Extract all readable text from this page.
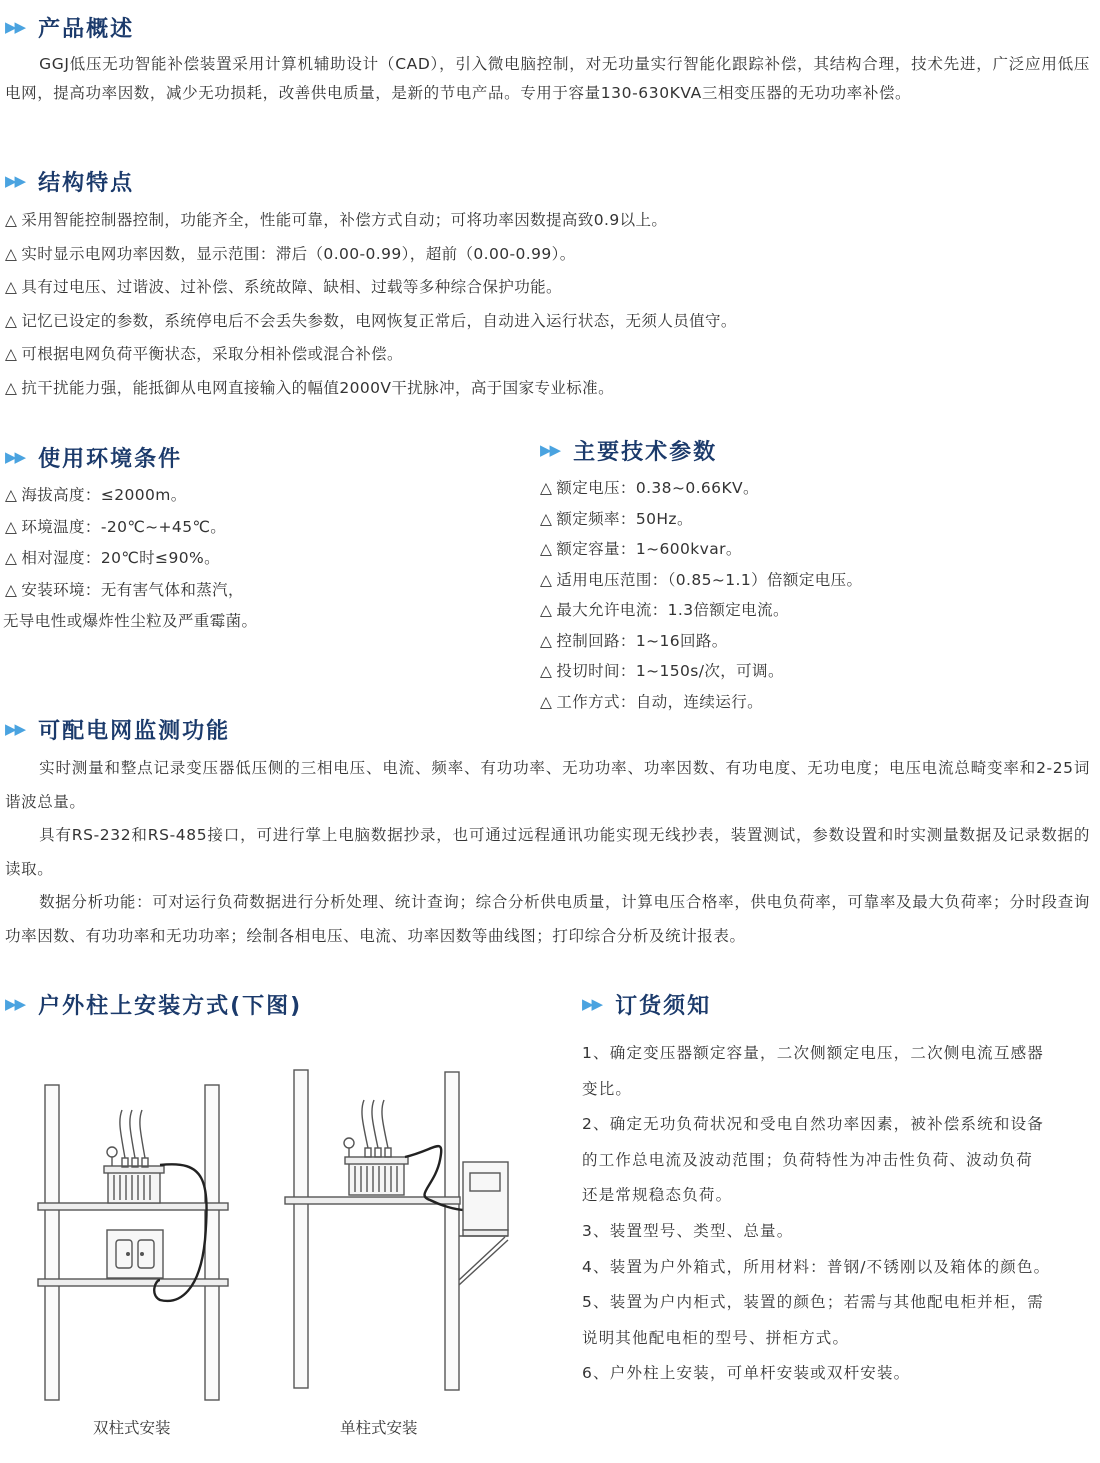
▶▶ 产品概述

GGJ低压无功智能补偿装置采用计算机辅助设计（CAD），引入微电脑控制，对无功量实行智能化跟踪补偿，其结构合理，技术先进，广泛应用低压电网，提高功率因数，减少无功损耗，改善供电质量，是新的节电产品。专用于容量130-630KVA三相变压器的无功功率补偿。

▶▶ 结构特点
△ 采用智能控制器控制，功能齐全，性能可靠，补偿方式自动；可将功率因数提高致0.9以上。
△ 实时显示电网功率因数，显示范围：滞后（0.00-0.99），超前（0.00-0.99）。
△ 具有过电压、过谐波、过补偿、系统故障、缺相、过载等多种综合保护功能。
△ 记忆已设定的参数，系统停电后不会丢失参数，电网恢复正常后，自动进入运行状态，无须人员值守。
△ 可根据电网负荷平衡状态，采取分相补偿或混合补偿。
△ 抗干扰能力强，能抵御从电网直接输入的幅值2000V干扰脉冲，高于国家专业标准。
▶▶ 使用环境条件
△ 海拔高度：≤2000m。
△ 环境温度：-20℃~+45℃。
△ 相对湿度：20℃时≤90%。
△ 安装环境：无有害气体和蒸汽，
无导电性或爆炸性尘粒及严重霉菌。
▶▶ 主要技术参数
△ 额定电压：0.38~0.66KV。
△ 额定频率：50Hz。
△ 额定容量：1~600kvar。
△ 适用电压范围：（0.85~1.1）倍额定电压。
△ 最大允许电流：1.3倍额定电流。
△ 控制回路：1~16回路。
△ 投切时间：1~150s/次，可调。
△ 工作方式：自动，连续运行。
▶▶ 可配电网监测功能

实时测量和整点记录变压器低压侧的三相电压、电流、频率、有功功率、无功功率、功率因数、有功电度、无功电度；电压电流总畸变率和2-25词谐波总量。

具有RS-232和RS-485接口，可进行掌上电脑数据抄录，也可通过远程通讯功能实现无线抄表，装置测试，参数设置和时实测量数据及记录数据的读取。

数据分析功能：可对运行负荷数据进行分析处理、统计查询；综合分析供电质量，计算电压合格率，供电负荷率，可靠率及最大负荷率；分时段查询功率因数、有功功率和无功功率；绘制各相电压、电流、功率因数等曲线图；打印综合分析及统计报表。

▶▶ 户外柱上安装方式(下图)
双柱式安装	单柱式安装
▶▶ 订货须知
1、确定变压器额定容量，二次侧额定电压，二次侧电流互感器
变比。
2、确定无功负荷状况和受电自然功率因素，被补偿系统和设备
的工作总电流及波动范围；负荷特性为冲击性负荷、波动负荷
还是常规稳态负荷。
3、装置型号、类型、总量。
4、装置为户外箱式，所用材料：普钢/不锈刚以及箱体的颜色。
5、装置为户内柜式，装置的颜色；若需与其他配电柜并柜，需
说明其他配电柜的型号、拼柜方式。
6、户外柱上安装，可单杆安装或双杆安装。
